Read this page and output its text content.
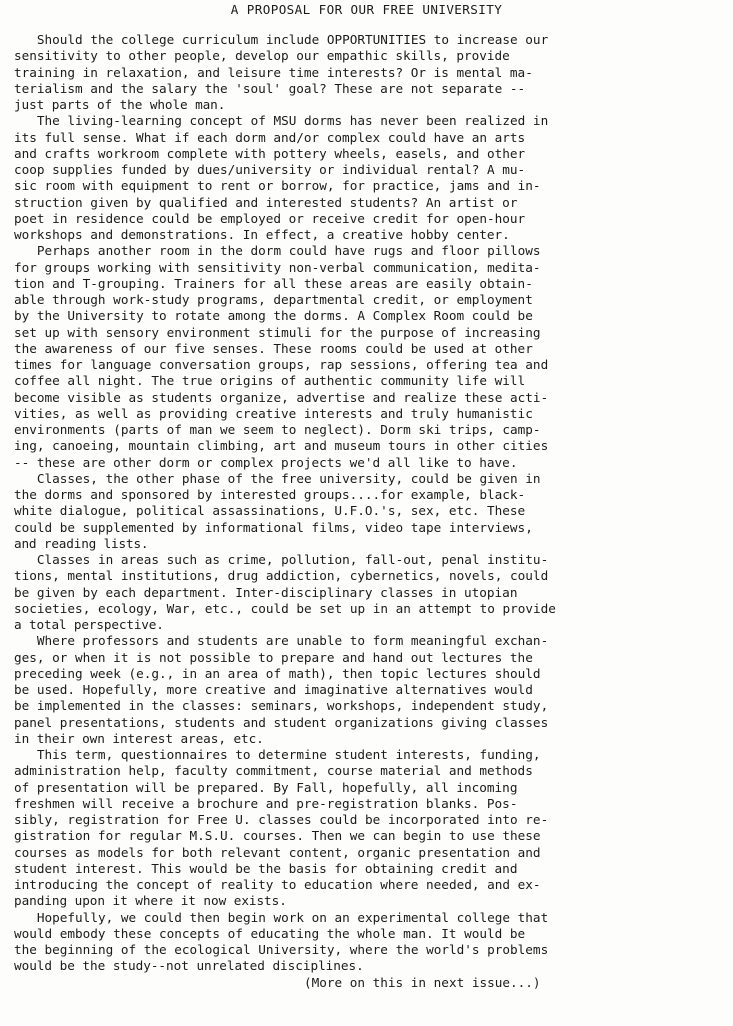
A PROPOSAL FOR OUR FREE UNIVERSITY
Should the college curriculum include OPPORTUNITIES to increase our
sensitivity to other people, develop our empathic skills, provide
training in relaxation, and leisure time interests? Or is mental ma-
terialism and the salary the 'soul' goal? These are not separate --
just parts of the whole man.
The living-learning concept of MSU dorms has never been realized in
its full sense. What if each dorm and/or complex could have an arts
and crafts workroom complete with pottery wheels, easels, and other
coop supplies funded by dues/university or individual rental? A mu-
sic room with equipment to rent or borrow, for practice, jams and in-
struction given by qualified and interested students? An artist or
poet in residence could be employed or receive credit for open-hour
workshops and demonstrations. In effect, a creative hobby center.
Perhaps another room in the dorm could have rugs and floor pillows
for groups working with sensitivity non-verbal communication, medita-
tion and T-grouping. Trainers for all these areas are easily obtain-
able through work-study programs, departmental credit, or employment
by the University to rotate among the dorms. A Complex Room could be
set up with sensory environment stimuli for the purpose of increasing
the awareness of our five senses. These rooms could be used at other
times for language conversation groups, rap sessions, offering tea and
coffee all night. The true origins of authentic community life will
become visible as students organize, advertise and realize these acti-
vities, as well as providing creative interests and truly humanistic
environments (parts of man we seem to neglect). Dorm ski trips, camp-
ing, canoeing, mountain climbing, art and museum tours in other cities
-- these are other dorm or complex projects we'd all like to have.
Classes, the other phase of the free university, could be given in
the dorms and sponsored by interested groups....for example, black-
white dialogue, political assassinations, U.F.O.'s, sex, etc. These
could be supplemented by informational films, video tape interviews,
and reading lists.
Classes in areas such as crime, pollution, fall-out, penal institu-
tions, mental institutions, drug addiction, cybernetics, novels, could
be given by each department. Inter-disciplinary classes in utopian
societies, ecology, War, etc., could be set up in an attempt to provide
a total perspective.
Where professors and students are unable to form meaningful exchan-
ges, or when it is not possible to prepare and hand out lectures the
preceding week (e.g., in an area of math), then topic lectures should
be used. Hopefully, more creative and imaginative alternatives would
be implemented in the classes: seminars, workshops, independent study,
panel presentations, students and student organizations giving classes
in their own interest areas, etc.
This term, questionnaires to determine student interests, funding,
administration help, faculty commitment, course material and methods
of presentation will be prepared. By Fall, hopefully, all incoming
freshmen will receive a brochure and pre-registration blanks. Pos-
sibly, registration for Free U. classes could be incorporated into re-
gistration for regular M.S.U. courses. Then we can begin to use these
courses as models for both relevant content, organic presentation and
student interest. This would be the basis for obtaining credit and
introducing the concept of reality to education where needed, and ex-
panding upon it where it now exists.
Hopefully, we could then begin work on an experimental college that
would embody these concepts of educating the whole man. It would be
the beginning of the ecological University, where the world's problems
would be the study--not unrelated disciplines.
(More on this in next issue...)
